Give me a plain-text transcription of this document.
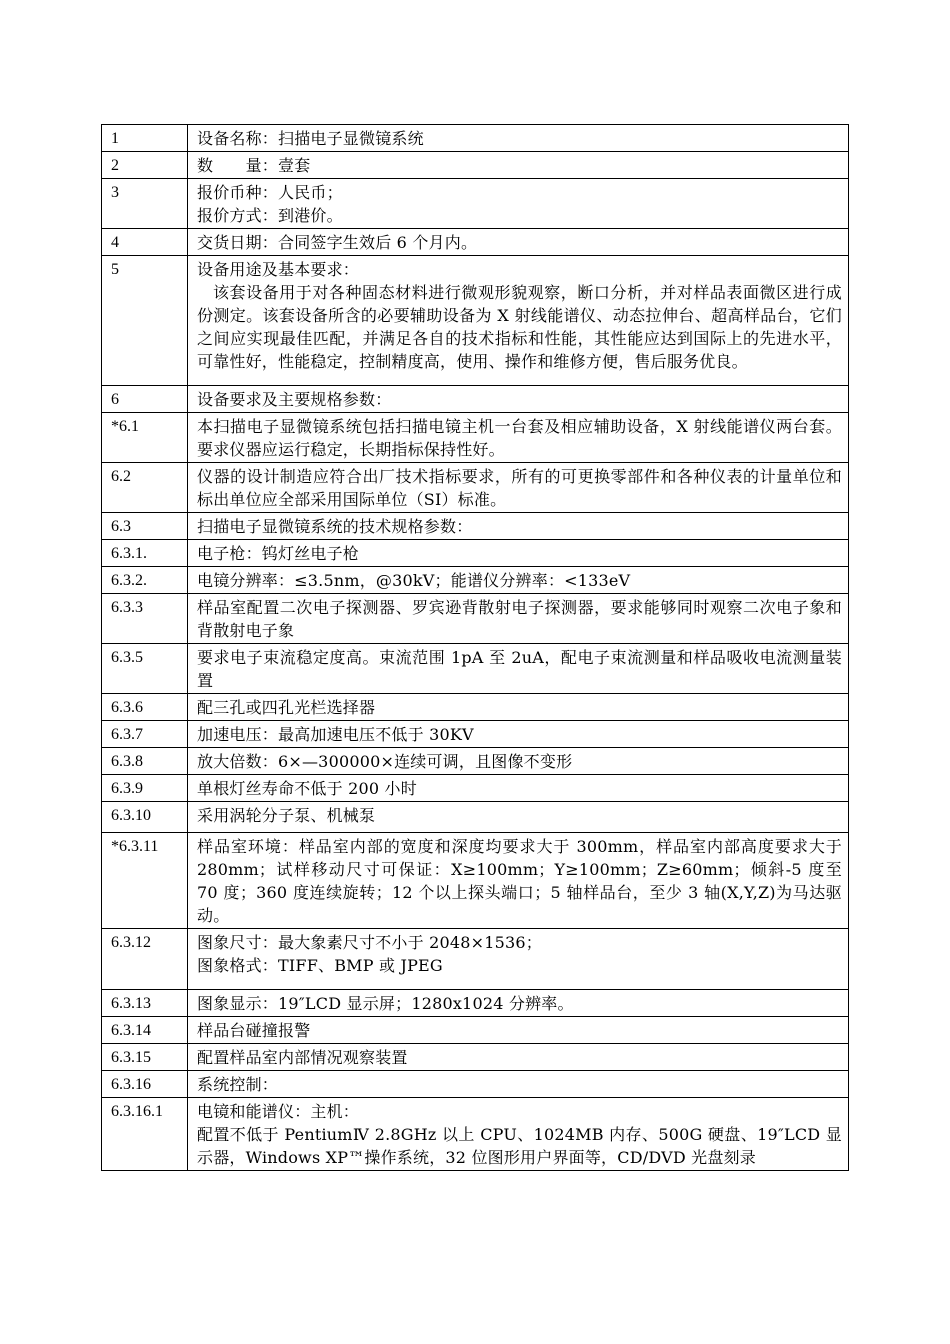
1	设备名称：扫描电子显微镜系统

2	数　　量：壹套

3	报价币种：人民币；
报价方式：到港价。

4	交货日期：合同签字生效后 6 个月内。

5	设备用途及基本要求：
该套设备用于对各种固态材料进行微观形貌观察，断口分析，并对样品表面微区进行成份测定。该套设备所含的必要辅助设备为 X 射线能谱仪、动态拉伸台、超高样品台，它们之间应实现最佳匹配，并满足各自的技术指标和性能，其性能应达到国际上的先进水平，可靠性好，性能稳定，控制精度高，使用、操作和维修方便，售后服务优良。

6	设备要求及主要规格参数：

*6.1	本扫描电子显微镜系统包括扫描电镜主机一台套及相应辅助设备，X 射线能谱仪两台套。要求仪器应运行稳定，长期指标保持性好。

6.2	仪器的设计制造应符合出厂技术指标要求，所有的可更换零部件和各种仪表的计量单位和标出单位应全部采用国际单位（SI）标准。

6.3	扫描电子显微镜系统的技术规格参数：

6.3.1.	电子枪：钨灯丝电子枪

6.3.2.	电镜分辨率：≤3.5nm，@30kV；能谱仪分辨率：<133eV

6.3.3	样品室配置二次电子探测器、罗宾逊背散射电子探测器，要求能够同时观察二次电子象和背散射电子象

6.3.5	要求电子束流稳定度高。束流范围 1pA 至 2uA，配电子束流测量和样品吸收电流测量装置

6.3.6	配三孔或四孔光栏选择器

6.3.7	加速电压：最高加速电压不低于 30KV

6.3.8	放大倍数：6×—300000×连续可调，且图像不变形

6.3.9	单根灯丝寿命不低于 200 小时

6.3.10	采用涡轮分子泵、机械泵

*6.3.11	样品室环境：样品室内部的宽度和深度均要求大于 300mm，样品室内部高度要求大于 280mm；试样移动尺寸可保证：X≥100mm；Y≥100mm；Z≥60mm；倾斜-5 度至 70 度；360 度连续旋转；12 个以上探头端口；5 轴样品台，至少 3 轴(X,Y,Z)为马达驱动。

6.3.12	图象尺寸：最大象素尺寸不小于 2048×1536；
图象格式：TIFF、BMP 或 JPEG

6.3.13	图象显示：19″LCD 显示屏；1280x1024 分辨率。

6.3.14	样品台碰撞报警

6.3.15	配置样品室内部情况观察装置

6.3.16	系统控制：

6.3.16.1	电镜和能谱仪：主机：
配置不低于 PentiumⅣ 2.8GHz 以上 CPU、1024MB 内存、500G 硬盘、19″LCD 显示器，Windows XP™操作系统，32 位图形用户界面等，CD/DVD 光盘刻录
